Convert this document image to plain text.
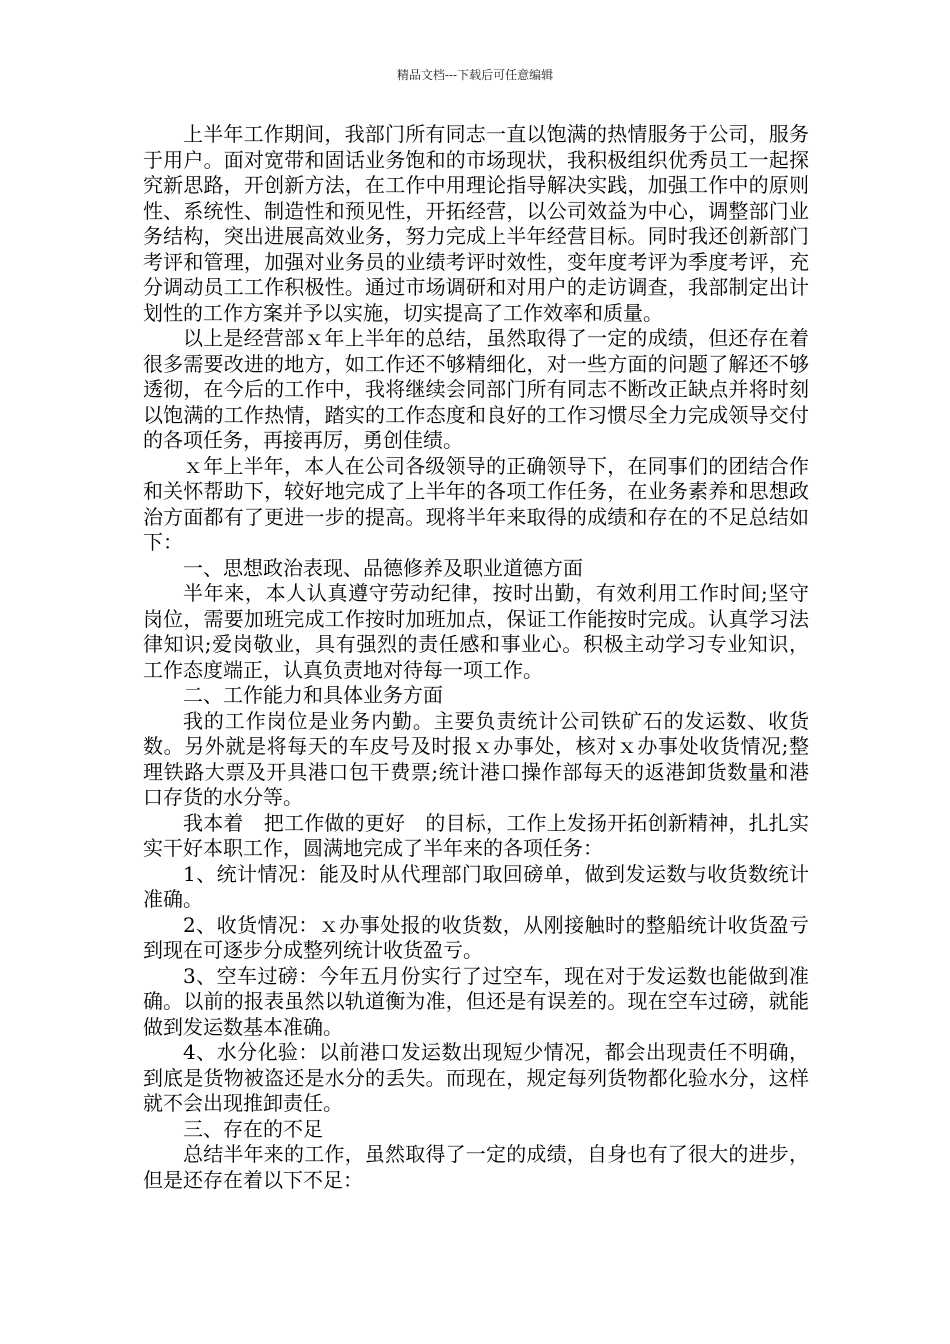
精品文档---下载后可任意编辑

上半年工作期间，我部门所有同志一直以饱满的热情服务于公司，服务于用户。面对宽带和固话业务饱和的市场现状，我积极组织优秀员工一起探究新思路，开创新方法，在工作中用理论指导解决实践，加强工作中的原则性、系统性、制造性和预见性，开拓经营，以公司效益为中心，调整部门业务结构，突出进展高效业务，努力完成上半年经营目标。同时我还创新部门考评和管理，加强对业务员的业绩考评时效性，变年度考评为季度考评，充分调动员工工作积极性。通过市场调研和对用户的走访调查，我部制定出计划性的工作方案并予以实施，切实提高了工作效率和质量。

以上是经营部ｘ年上半年的总结，虽然取得了一定的成绩，但还存在着很多需要改进的地方，如工作还不够精细化，对一些方面的问题了解还不够透彻，在今后的工作中，我将继续会同部门所有同志不断改正缺点并将时刻以饱满的工作热情，踏实的工作态度和良好的工作习惯尽全力完成领导交付的各项任务，再接再厉，勇创佳绩。

ｘ年上半年，本人在公司各级领导的正确领导下，在同事们的团结合作和关怀帮助下，较好地完成了上半年的各项工作任务，在业务素养和思想政治方面都有了更进一步的提高。现将半年来取得的成绩和存在的不足总结如下：

一、思想政治表现、品德修养及职业道德方面

半年来，本人认真遵守劳动纪律，按时出勤，有效利用工作时间;坚守岗位，需要加班完成工作按时加班加点，保证工作能按时完成。认真学习法律知识;爱岗敬业，具有强烈的责任感和事业心。积极主动学习专业知识，工作态度端正，认真负责地对待每一项工作。

二、工作能力和具体业务方面

我的工作岗位是业务内勤。主要负责统计公司铁矿石的发运数、收货数。另外就是将每天的车皮号及时报ｘ办事处，核对ｘ办事处收货情况;整理铁路大票及开具港口包干费票;统计港口操作部每天的返港卸货数量和港口存货的水分等。

我本着　把工作做的更好　的目标，工作上发扬开拓创新精神，扎扎实实干好本职工作，圆满地完成了半年来的各项任务：

1、统计情况：能及时从代理部门取回磅单，做到发运数与收货数统计准确。

2、收货情况：ｘ办事处报的收货数，从刚接触时的整船统计收货盈亏到现在可逐步分成整列统计收货盈亏。

3、空车过磅：今年五月份实行了过空车，现在对于发运数也能做到准确。以前的报表虽然以轨道衡为准，但还是有误差的。现在空车过磅，就能做到发运数基本准确。

4、水分化验：以前港口发运数出现短少情况，都会出现责任不明确，到底是货物被盗还是水分的丢失。而现在，规定每列货物都化验水分，这样就不会出现推卸责任。

三、存在的不足

总结半年来的工作，虽然取得了一定的成绩，自身也有了很大的进步，但是还存在着以下不足：
